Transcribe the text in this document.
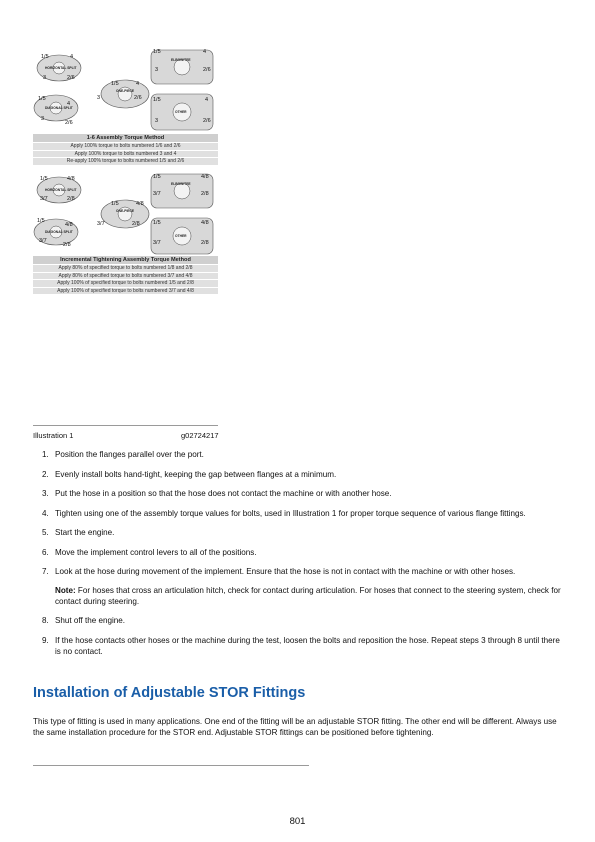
1/5	4
3	2/6
1/5
4
3
2/6
1/5	4
3	2/6
1/5	4
3	2/6
1/5	4
3	2/6
HORIZONTAL SPLIT
DIAGONAL SPLIT
ONE-PIECE
ELBOW/TEE
OTHER
1-6 Assembly Torque Method
Apply 100% torque to bolts numbered 1/6 and 2/6
Apply 100% torque to bolts numbered 3 and 4
Re-apply 100% torque to bolts numbered 1/5 and 2/6
1/5	4/8
3/7	2/8
1/5
4/8
3/7
2/8
1/5	4/8
3/7	2/8
1/5	4/8
3/7	2/8
1/5	4/8
3/7	2/8
HORIZONTAL SPLIT
DIAGONAL SPLIT
ONE-PIECE
ELBOW/TEE
OTHER
Incremental Tightening Assembly Torque Method
Apply 80% of specified torque to bolts numbered 1/8 and 2/8
Apply 80% of specified torque to bolts numbered 3/7 and 4/8
Apply 100% of specified torque to bolts numbered 1/5 and 2/8
Apply 100% of specified torque to bolts numbered 3/7 and 4/8
Illustration 1	g02724217
1. Position the flanges parallel over the port.
2. Evenly install bolts hand-tight, keeping the gap between flanges at a minimum.
3. Put the hose in a position so that the hose does not contact the machine or with another hose.
4. Tighten using one of the assembly torque values for bolts, used in Illustration 1 for proper torque sequence of various flange fittings.
5. Start the engine.
6. Move the implement control levers to all of the positions.
7. Look at the hose during movement of the implement. Ensure that the hose is not in contact with the machine or with other hoses.
Note: For hoses that cross an articulation hitch, check for contact during articulation. For hoses that connect to the steering system, check for contact during steering.
8. Shut off the engine.
9. If the hose contacts other hoses or the machine during the test, loosen the bolts and reposition the hose. Repeat steps 3 through 8 until there is no contact.
Installation of Adjustable STOR Fittings

This type of fitting is used in many applications. One end of the fitting will be an adjustable STOR fitting. The other end will be different. Always use the same installation procedure for the STOR end. Adjustable STOR fittings can be positioned before tightening.

801
